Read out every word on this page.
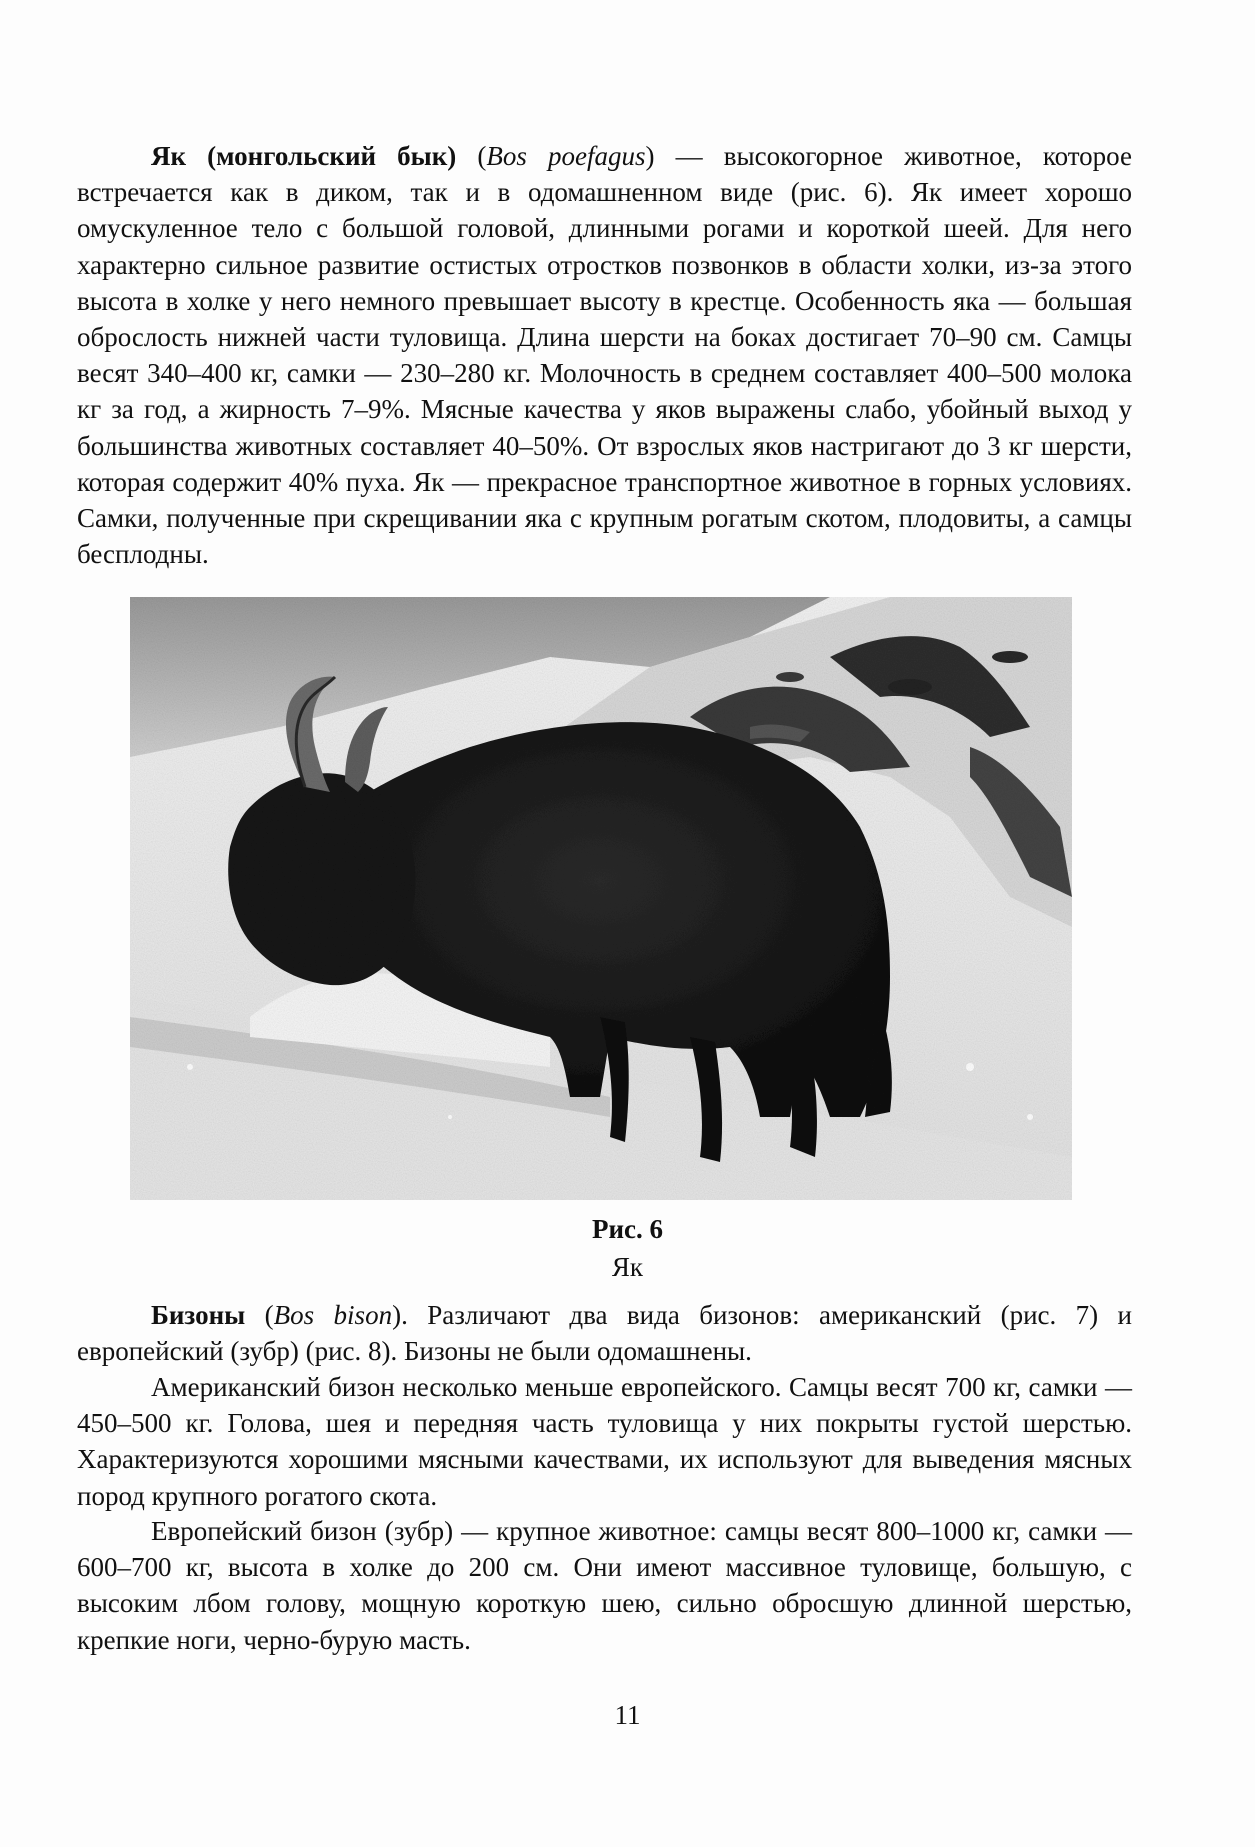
Як (монгольский бык) (Bos poefagus) — высокогорное животное, которое встречается как в диком, так и в одомашненном виде (рис. 6). Як имеет хорошо омускуленное тело с большой головой, длинными рогами и короткой шеей. Для него характерно сильное развитие остистых отростков позвонков в области холки, из-за этого высота в холке у него немного превышает высоту в крестце. Особенность яка — большая оброслость нижней части туловища. Длина шерсти на боках достигает 70–90 см. Самцы весят 340–400 кг, самки — 230–280 кг. Молочность в среднем составляет 400–500 молока кг за год, а жирность 7–9%. Мясные качества у яков выражены слабо, убойный выход у большинства животных составляет 40–50%. От взрослых яков настригают до 3 кг шерсти, которая содержит 40% пуха. Як — прекрасное транспортное животное в горных условиях. Самки, полученные при скрещивании яка с крупным рогатым скотом, плодовиты, а самцы бесплодны.

Рис. 6
Як

Бизоны (Bos bison). Различают два вида бизонов: американский (рис. 7) и европейский (зубр) (рис. 8). Бизоны не были одомашнены.

Американский бизон несколько меньше европейского. Самцы весят 700 кг, самки — 450–500 кг. Голова, шея и передняя часть туловища у них покрыты густой шерстью. Характеризуются хорошими мясными качествами, их используют для выведения мясных пород крупного рогатого скота.

Европейский бизон (зубр) — крупное животное: самцы весят 800–1000 кг, самки — 600–700 кг, высота в холке до 200 см. Они имеют массивное туловище, большую, с высоким лбом голову, мощную короткую шею, сильно обросшую длинной шерстью, крепкие ноги, черно-бурую масть.

11
